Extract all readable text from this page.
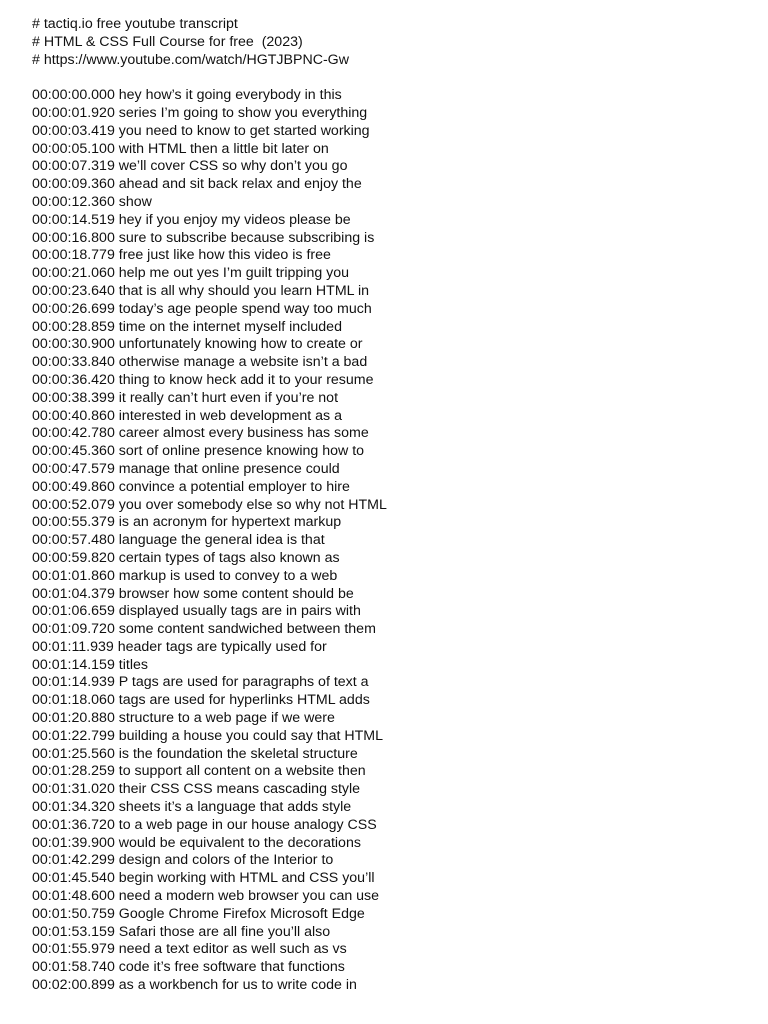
# tactiq.io free youtube transcript
# HTML & CSS Full Course for free  (2023)
# https://www.youtube.com/watch/HGTJBPNC-Gw
00:00:00.000 hey how’s it going everybody in this
00:00:01.920 series I’m going to show you everything
00:00:03.419 you need to know to get started working
00:00:05.100 with HTML then a little bit later on
00:00:07.319 we’ll cover CSS so why don’t you go
00:00:09.360 ahead and sit back relax and enjoy the
00:00:12.360 show
00:00:14.519 hey if you enjoy my videos please be
00:00:16.800 sure to subscribe because subscribing is
00:00:18.779 free just like how this video is free
00:00:21.060 help me out yes I’m guilt tripping you
00:00:23.640 that is all why should you learn HTML in
00:00:26.699 today’s age people spend way too much
00:00:28.859 time on the internet myself included
00:00:30.900 unfortunately knowing how to create or
00:00:33.840 otherwise manage a website isn’t a bad
00:00:36.420 thing to know heck add it to your resume
00:00:38.399 it really can’t hurt even if you’re not
00:00:40.860 interested in web development as a
00:00:42.780 career almost every business has some
00:00:45.360 sort of online presence knowing how to
00:00:47.579 manage that online presence could
00:00:49.860 convince a potential employer to hire
00:00:52.079 you over somebody else so why not HTML
00:00:55.379 is an acronym for hypertext markup
00:00:57.480 language the general idea is that
00:00:59.820 certain types of tags also known as
00:01:01.860 markup is used to convey to a web
00:01:04.379 browser how some content should be
00:01:06.659 displayed usually tags are in pairs with
00:01:09.720 some content sandwiched between them
00:01:11.939 header tags are typically used for
00:01:14.159 titles
00:01:14.939 P tags are used for paragraphs of text a
00:01:18.060 tags are used for hyperlinks HTML adds
00:01:20.880 structure to a web page if we were
00:01:22.799 building a house you could say that HTML
00:01:25.560 is the foundation the skeletal structure
00:01:28.259 to support all content on a website then
00:01:31.020 their CSS CSS means cascading style
00:01:34.320 sheets it’s a language that adds style
00:01:36.720 to a web page in our house analogy CSS
00:01:39.900 would be equivalent to the decorations
00:01:42.299 design and colors of the Interior to
00:01:45.540 begin working with HTML and CSS you’ll
00:01:48.600 need a modern web browser you can use
00:01:50.759 Google Chrome Firefox Microsoft Edge
00:01:53.159 Safari those are all fine you’ll also
00:01:55.979 need a text editor as well such as vs
00:01:58.740 code it’s free software that functions
00:02:00.899 as a workbench for us to write code in
